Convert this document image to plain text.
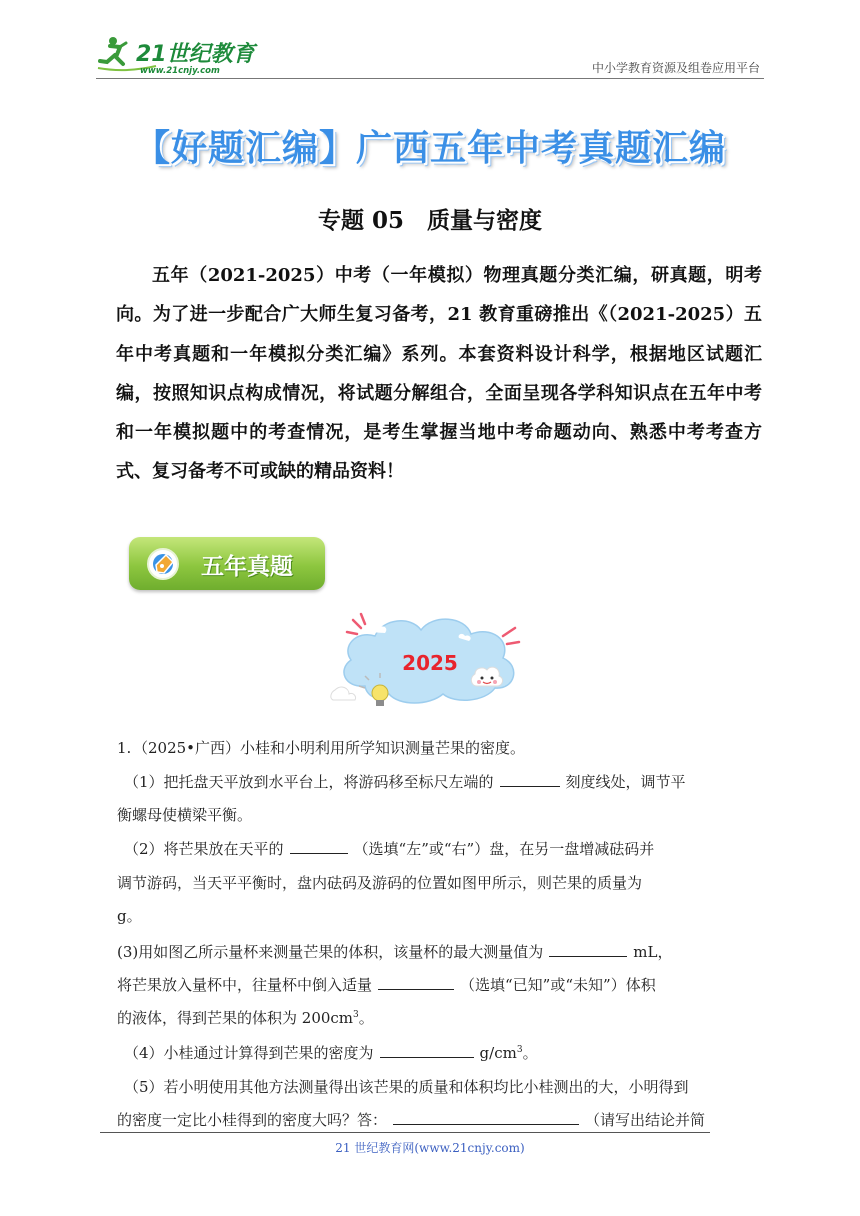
21世纪教育
www.21cnjy.com	中小学教育资源及组卷应用平台
【好题汇编】广西五年中考真题汇编
专题 05　质量与密度
五年（2021-2025）中考（一年模拟）物理真题分类汇编，研真题，明考向。为了进一步配合广大师生复习备考，21 教育重磅推出《（2021-2025）五年中考真题和一年模拟分类汇编》系列。本套资料设计科学，根据地区试题汇编，按照知识点构成情况，将试题分解组合，全面呈现各学科知识点在五年中考和一年模拟题中的考查情况，是考生掌握当地中考命题动向、熟悉中考考查方式、复习备考不可或缺的精品资料！
五年真题
2025
1. （2025•广西）小桂和小明利用所学知识测量芒果的密度。
（1）把托盘天平放到水平台上，将游码移至标尺左端的	刻度线处，调节平
衡螺母使横梁平衡。
（2）将芒果放在天平的	（选填“左”或“右”）盘，在另一盘增减砝码并
调节游码，当天平平衡时，盘内砝码及游码的位置如图甲所示，则芒果的质量为
g。
(3)用如图乙所示量杯来测量芒果的体积，该量杯的最大测量值为	mL，
将芒果放入量杯中，往量杯中倒入适量	（选填“已知”或“未知”）体积
的液体，得到芒果的体积为 $200cm^3$。
（4）小桂通过计算得到芒果的密度为	$g/cm^3$。
（5）若小明使用其他方法测量得出该芒果的质量和体积均比小桂测出的大，小明得到
的密度一定比小桂得到的密度大吗？答：	（请写出结论并简
21 世纪教育网(www.21cnjy.com)
